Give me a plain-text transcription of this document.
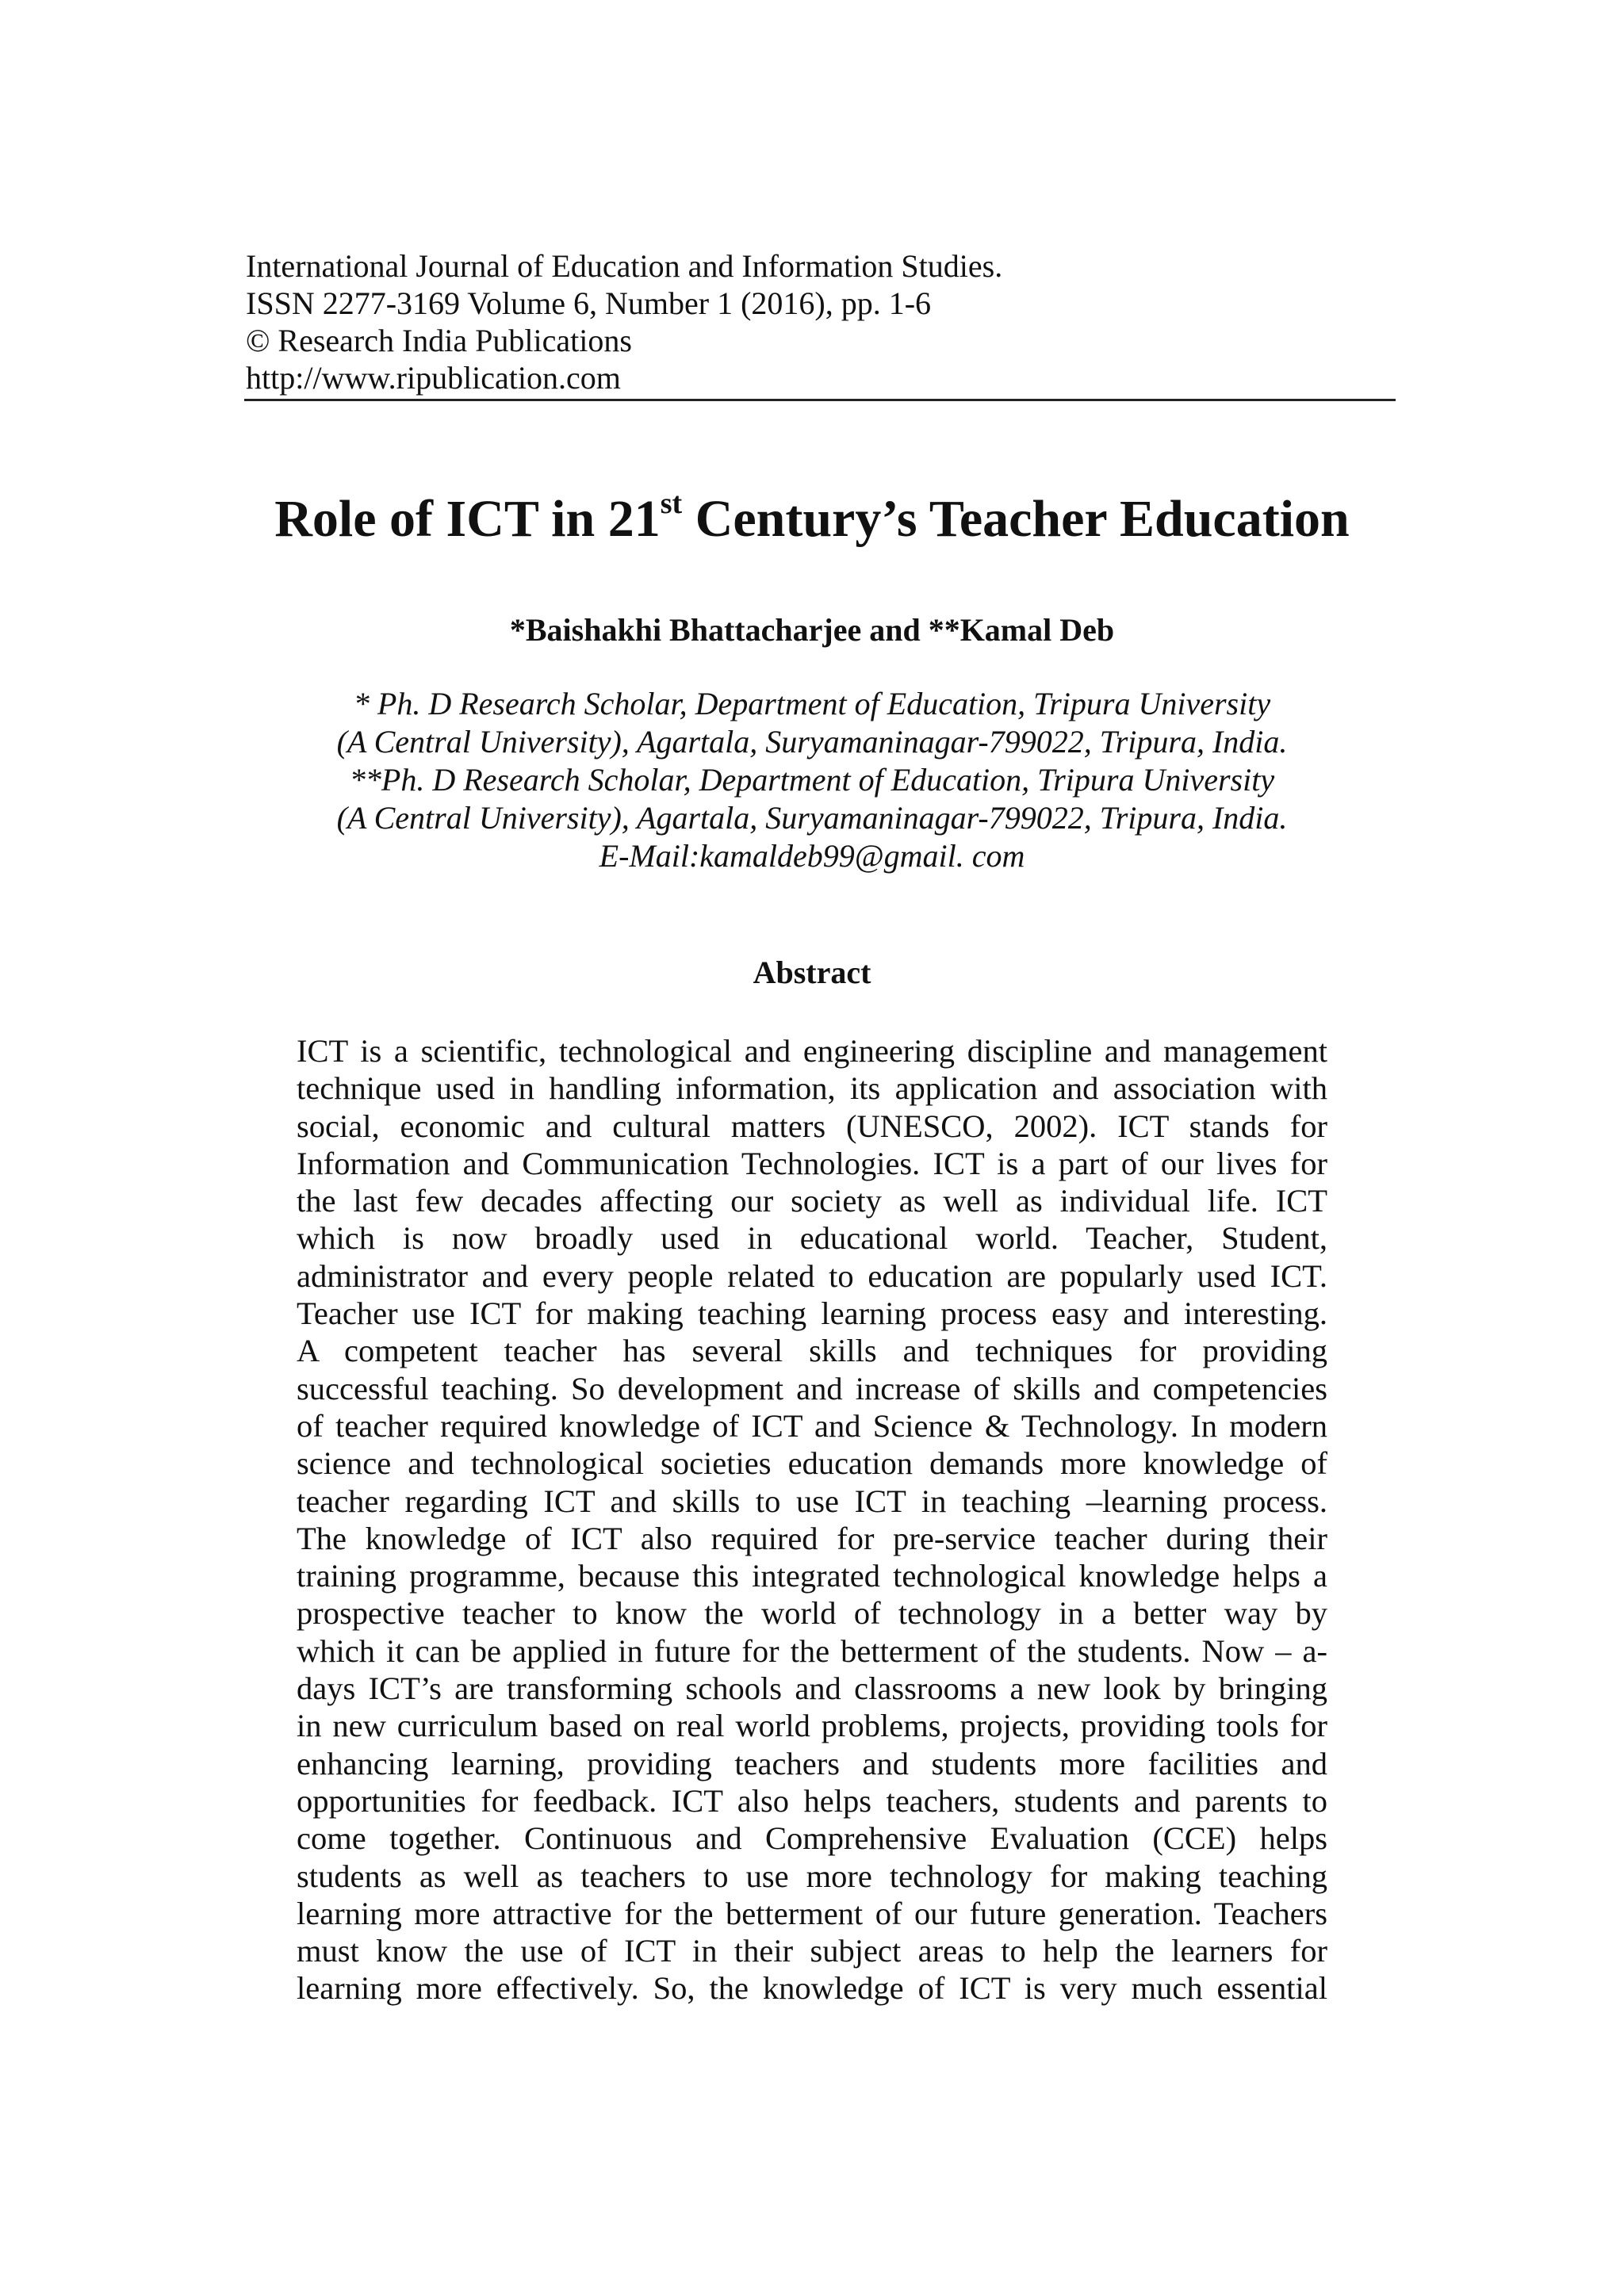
International Journal of Education and Information Studies.
ISSN 2277-3169 Volume 6, Number 1 (2016), pp. 1-6
© Research India Publications
http://www.ripublication.com
Role of ICT in 21st Century’s Teacher Education
*Baishakhi Bhattacharjee and **Kamal Deb
* Ph. D Research Scholar, Department of Education, Tripura University
(A Central University), Agartala, Suryamaninagar-799022, Tripura, India.
**Ph. D Research Scholar, Department of Education, Tripura University
(A Central University), Agartala, Suryamaninagar-799022, Tripura, India.
E-Mail:kamaldeb99@gmail. com
Abstract
ICT is a scientific, technological and engineering discipline and management
technique used in handling information, its application and association with
social, economic and cultural matters (UNESCO, 2002). ICT stands for
Information and Communication Technologies. ICT is a part of our lives for
the last few decades affecting our society as well as individual life. ICT
which is now broadly used in educational world. Teacher, Student,
administrator and every people related to education are popularly used ICT.
Teacher use ICT for making teaching learning process easy and interesting.
A competent teacher has several skills and techniques for providing
successful teaching. So development and increase of skills and competencies
of teacher required knowledge of ICT and Science & Technology. In modern
science and technological societies education demands more knowledge of
teacher regarding ICT and skills to use ICT in teaching –learning process.
The knowledge of ICT also required for pre-service teacher during their
training programme, because this integrated technological knowledge helps a
prospective teacher to know the world of technology in a better way by
which it can be applied in future for the betterment of the students. Now – a-
days ICT’s are transforming schools and classrooms a new look by bringing
in new curriculum based on real world problems, projects, providing tools for
enhancing learning, providing teachers and students more facilities and
opportunities for feedback. ICT also helps teachers, students and parents to
come together. Continuous and Comprehensive Evaluation (CCE) helps
students as well as teachers to use more technology for making teaching
learning more attractive for the betterment of our future generation. Teachers
must know the use of ICT in their subject areas to help the learners for
learning more effectively. So, the knowledge of ICT is very much essential
